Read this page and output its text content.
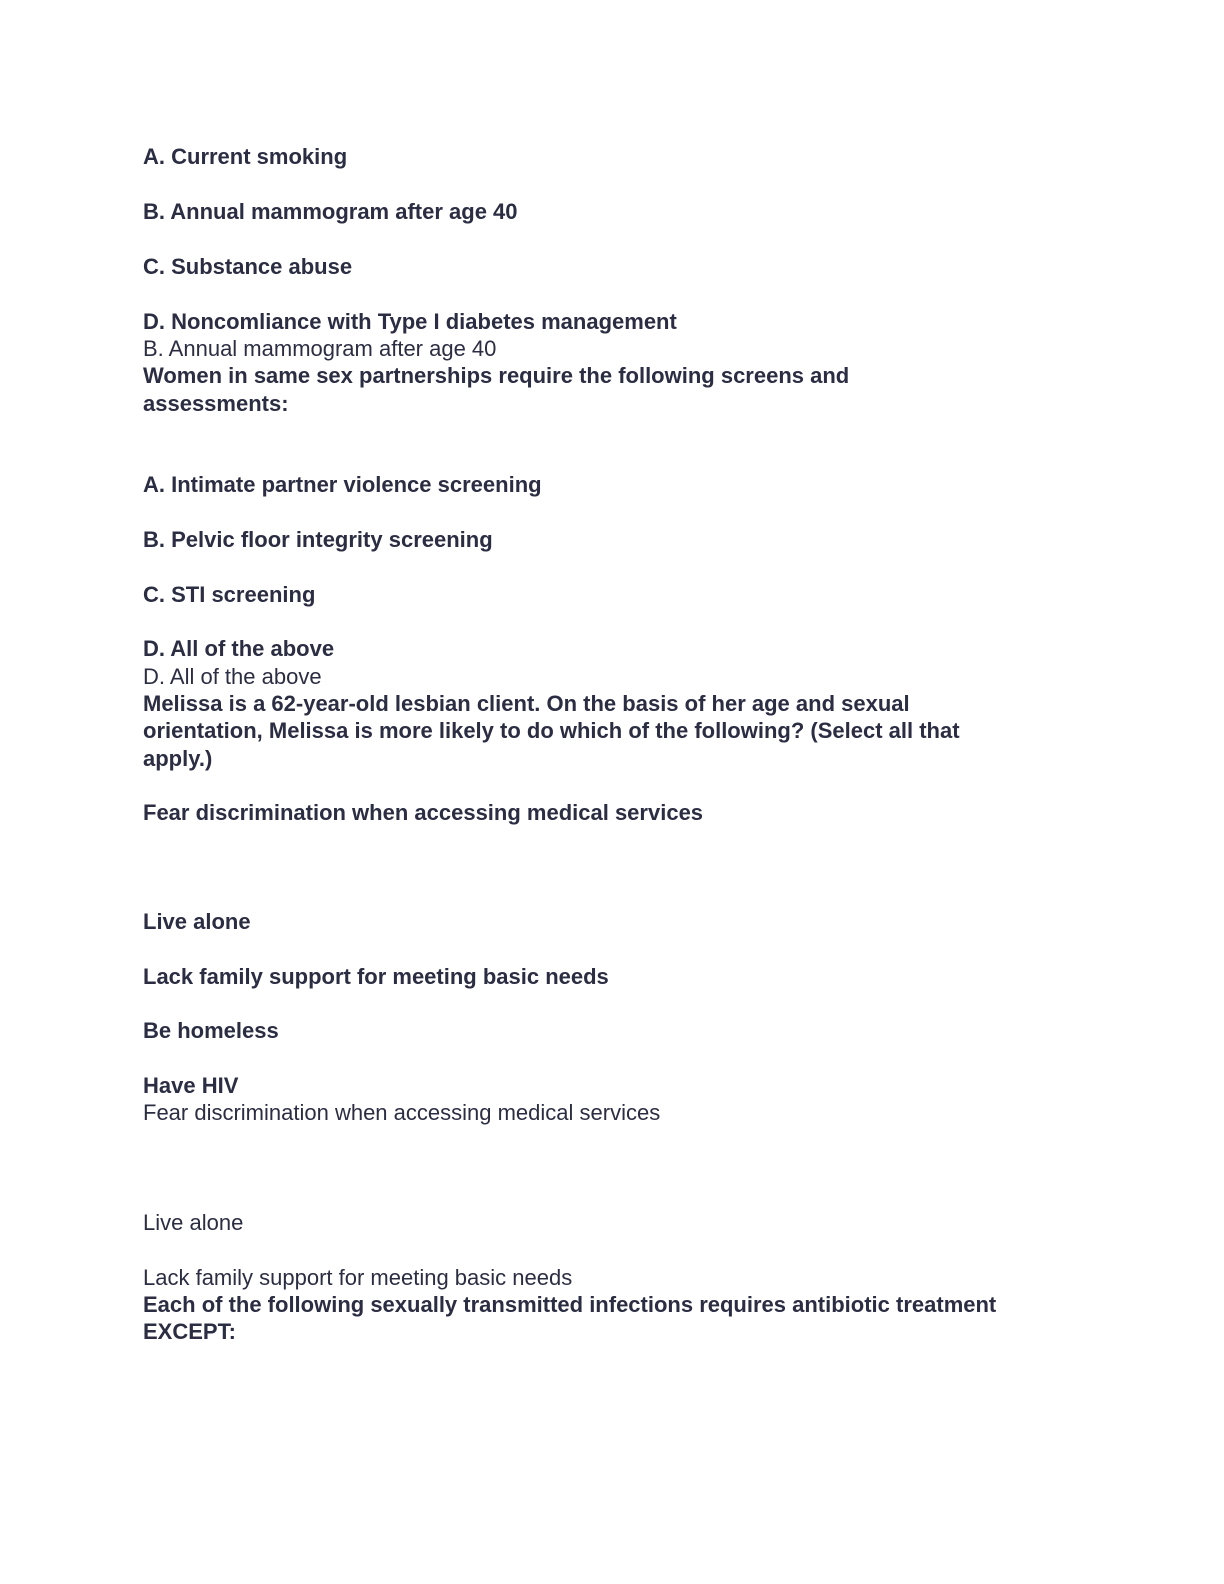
A. Current smoking
B. Annual mammogram after age 40
C. Substance abuse
D. Noncomliance with Type I diabetes management
B. Annual mammogram after age 40
Women in same sex partnerships require the following screens and
assessments:
A. Intimate partner violence screening
B. Pelvic floor integrity screening
C. STI screening
D. All of the above
D. All of the above
Melissa is a 62-year-old lesbian client. On the basis of her age and sexual
orientation, Melissa is more likely to do which of the following? (Select all that
apply.)
Fear discrimination when accessing medical services
Live alone
Lack family support for meeting basic needs
Be homeless
Have HIV
Fear discrimination when accessing medical services
Live alone
Lack family support for meeting basic needs
Each of the following sexually transmitted infections requires antibiotic treatment
EXCEPT:
